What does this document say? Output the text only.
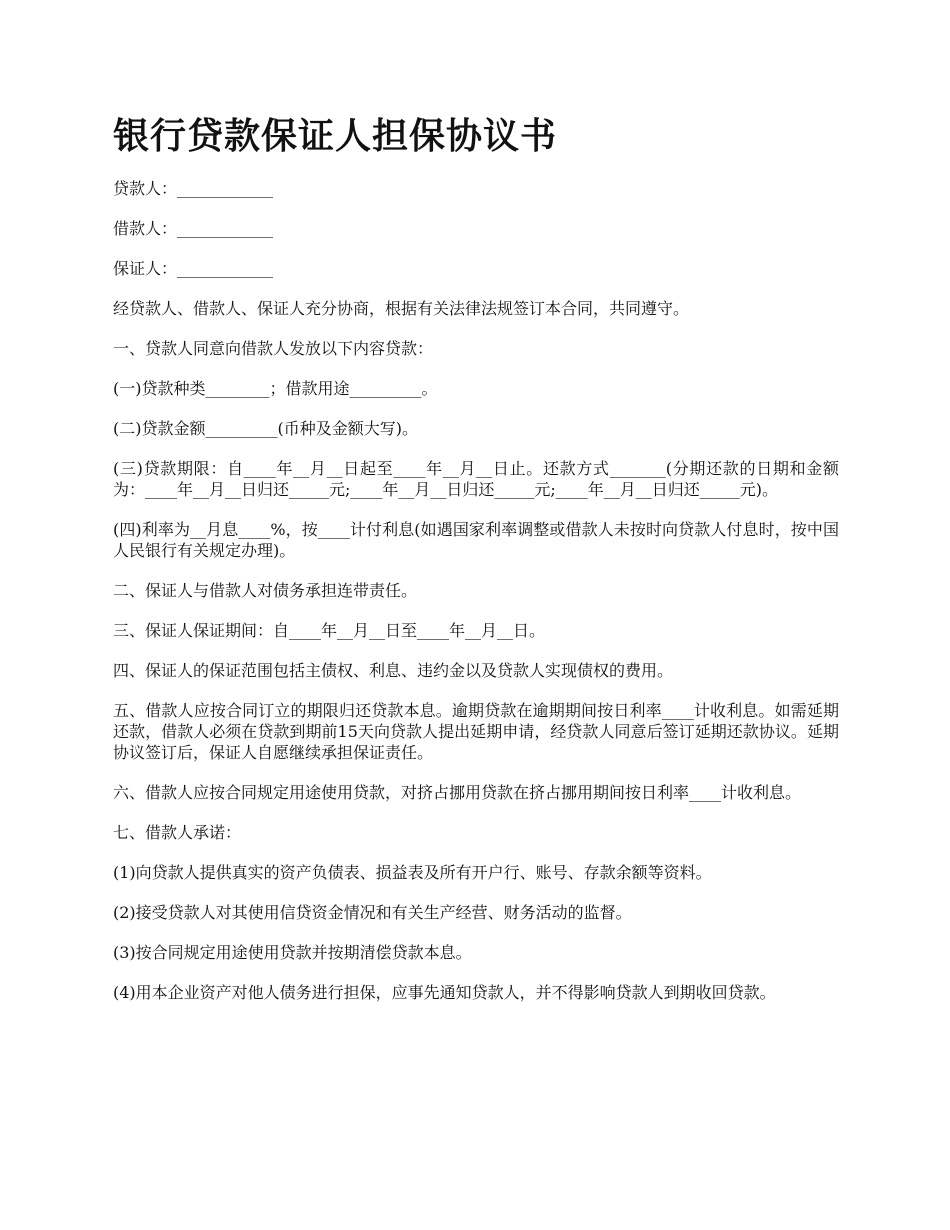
银行贷款保证人担保协议书

贷款人：____________

借款人：____________

保证人：____________

经贷款人、借款人、保证人充分协商，根据有关法律法规签订本合同，共同遵守。

一、贷款人同意向借款人发放以下内容贷款：

(一)贷款种类________；借款用途_________。

(二)贷款金额_________(币种及金额大写)。

(三)贷款期限：自____年__月__日起至____年__月__日止。还款方式_______(分期还款的日期和金额为：____年__月__日归还_____元;____年__月__日归还_____元;____年__月__日归还_____元)。

(四)利率为__月息____%，按____计付利息(如遇国家利率调整或借款人未按时向贷款人付息时，按中国人民银行有关规定办理)。

二、保证人与借款人对债务承担连带责任。

三、保证人保证期间：自____年__月__日至____年__月__日。

四、保证人的保证范围包括主债权、利息、违约金以及贷款人实现债权的费用。

五、借款人应按合同订立的期限归还贷款本息。逾期贷款在逾期期间按日利率____计收利息。如需延期还款，借款人必须在贷款到期前15天向贷款人提出延期申请，经贷款人同意后签订延期还款协议。延期协议签订后，保证人自愿继续承担保证责任。

六、借款人应按合同规定用途使用贷款，对挤占挪用贷款在挤占挪用期间按日利率____计收利息。

七、借款人承诺：

(1)向贷款人提供真实的资产负债表、损益表及所有开户行、账号、存款余额等资料。

(2)接受贷款人对其使用信贷资金情况和有关生产经营、财务活动的监督。

(3)按合同规定用途使用贷款并按期清偿贷款本息。

(4)用本企业资产对他人债务进行担保，应事先通知贷款人，并不得影响贷款人到期收回贷款。
